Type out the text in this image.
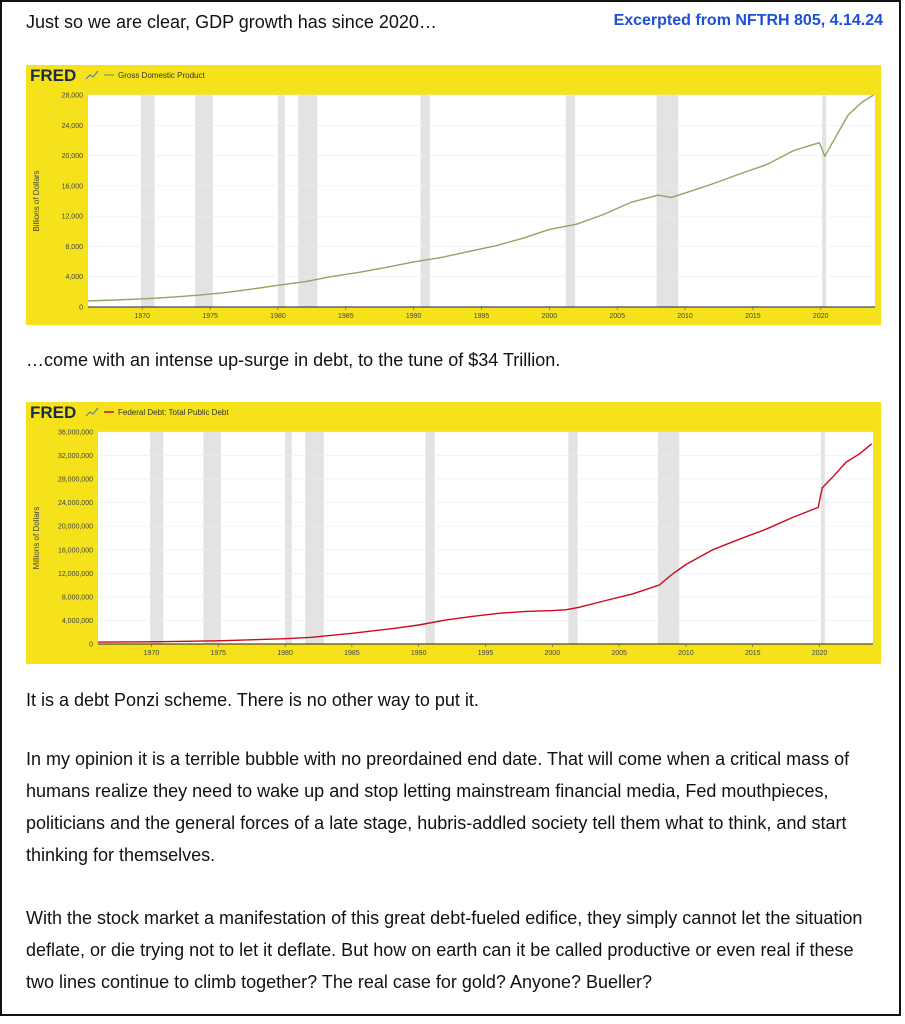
Just so we are clear, GDP growth has since 2020…	Excerpted from NFTRH 805, 4.14.24
FRED	Gross Domestic Product
0
4,000
8,000
12,000
16,000
20,000
24,000
28,000
1970	1975	1980	1985	1990	1995	2000	2005	2010	2015	2020
Billions of Dollars
…come with an intense up-surge in debt, to the tune of $34 Trillion.
FRED	Federal Debt: Total Public Debt
0
4,000,000
8,000,000
12,000,000
16,000,000
20,000,000
24,000,000
28,000,000
32,000,000
36,000,000
1970	1975	1980	1985	1990	1995	2000	2005	2010	2015	2020
Millions of Dollars

It is a debt Ponzi scheme. There is no other way to put it.

In my opinion it is a terrible bubble with no preordained end date. That will come when a critical mass of humans realize they need to wake up and stop letting mainstream financial media, Fed mouthpieces, politicians and the general forces of a late stage, hubris-addled society tell them what to think, and start thinking for themselves.

With the stock market a manifestation of this great debt-fueled edifice, they simply cannot let the situation deflate, or die trying not to let it deflate. But how on earth can it be called productive or even real if these two lines continue to climb together? The real case for gold? Anyone? Bueller?
